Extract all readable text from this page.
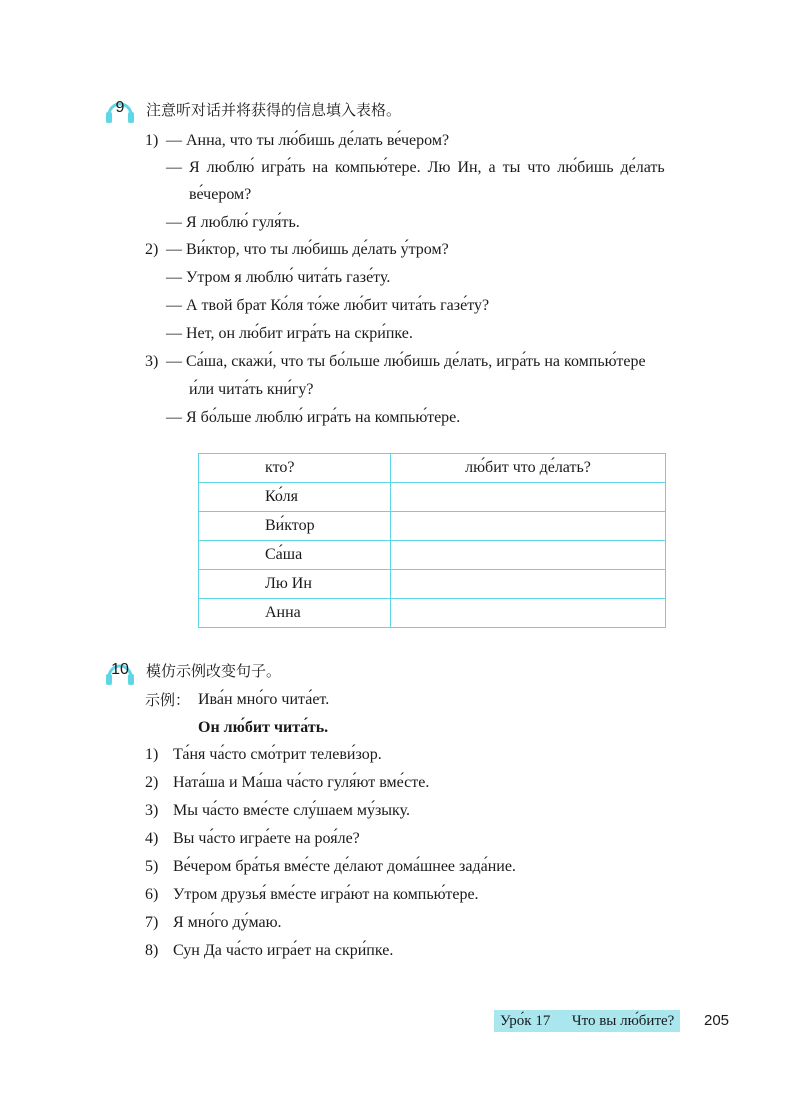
9	注意听对话并将获得的信息填入表格。
1) — Анна, что ты лю́бишь де́лать ве́чером?
— Я люблю́ игра́ть на компью́тере. Лю Ин, а ты что лю́бишь де́лать
ве́чером?
— Я люблю́ гуля́ть.
2) — Ви́ктор, что ты лю́бишь де́лать у́тром?
— Утром я люблю́ чита́ть газе́ту.
— А твой брат Ко́ля то́же лю́бит чита́ть газе́ту?
— Нет, он лю́бит игра́ть на скри́пке.
3) — Са́ша, скажи́, что ты бо́льше лю́бишь де́лать, игра́ть на компью́тере
и́ли чита́ть кни́гу?
— Я бо́льше люблю́ игра́ть на компью́тере.
кто?	лю́бит что де́лать?
Ко́ля	
Ви́ктор	
Са́ша	
Лю Ин	
Анна	
10	模仿示例改变句子。
示例： Ива́н мно́го чита́ет.
Он лю́бит чита́ть.
1) Та́ня ча́сто смо́трит телеви́зор.
2) Ната́ша и Ма́ша ча́сто гуля́ют вме́сте.
3) Мы ча́сто вме́сте слу́шаем му́зыку.
4) Вы ча́сто игра́ете на роя́ле?
5) Ве́чером бра́тья вме́сте де́лают дома́шнее зада́ние.
6) Утром друзья́ вме́сте игра́ют на компью́тере.
7) Я мно́го ду́маю.
8) Сун Да ча́сто игра́ет на скри́пке.
Уро́к 17 Что вы лю́бите?	205
